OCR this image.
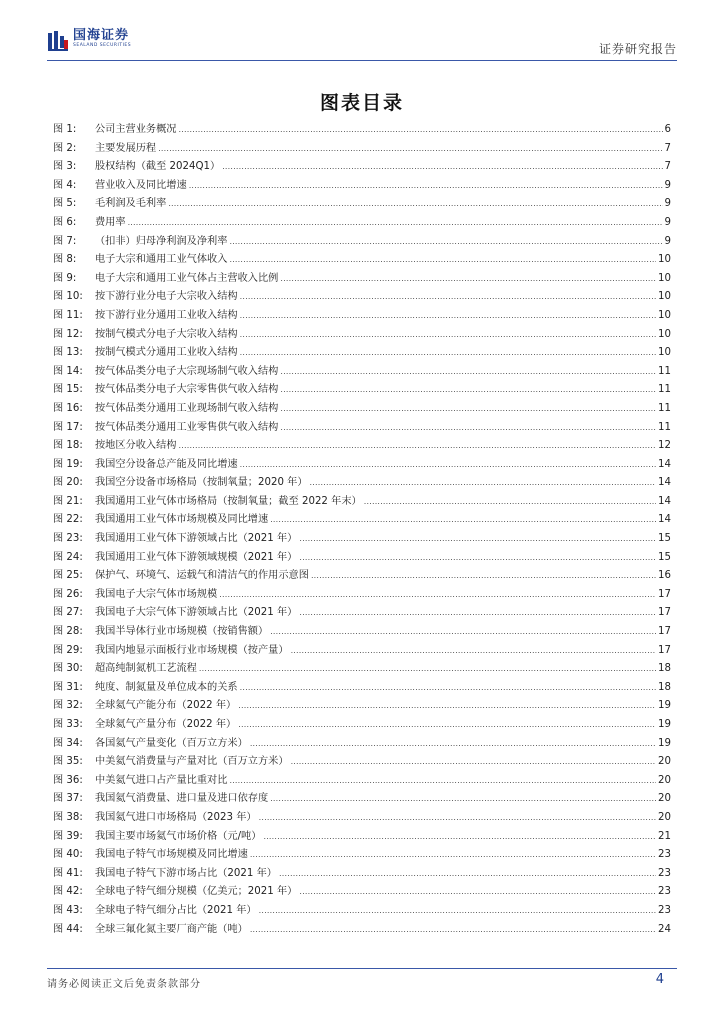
国海证券
SEALAND SECURITIES	证券研究报告
图表目录
图 1:	公司主营业务概况 .....	6
图 2:	主要发展历程 .....	7
图 3:	股权结构（截至 2024Q1） .....	7
图 4:	营业收入及同比增速 .....	9
图 5:	毛利润及毛利率 .....	9
图 6:	费用率 .....	9
图 7:	（扣非）归母净利润及净利率 .....	9
图 8:	电子大宗和通用工业气体收入 .....	10
图 9:	电子大宗和通用工业气体占主营收入比例 .....	10
图 10:	按下游行业分电子大宗收入结构 .....	10
图 11:	按下游行业分通用工业收入结构 .....	10
图 12:	按制气模式分电子大宗收入结构 .....	10
图 13:	按制气模式分通用工业收入结构 .....	10
图 14:	按气体品类分电子大宗现场制气收入结构 .....	11
图 15:	按气体品类分电子大宗零售供气收入结构 .....	11
图 16:	按气体品类分通用工业现场制气收入结构 .....	11
图 17:	按气体品类分通用工业零售供气收入结构 .....	11
图 18:	按地区分收入结构 .....	12
图 19:	我国空分设备总产能及同比增速 .....	14
图 20:	我国空分设备市场格局（按制氧量；2020 年） .....	14
图 21:	我国通用工业气体市场格局（按制氧量；截至 2022 年末） .....	14
图 22:	我国通用工业气体市场规模及同比增速 .....	14
图 23:	我国通用工业气体下游领域占比（2021 年） .....	15
图 24:	我国通用工业气体下游领域规模（2021 年） .....	15
图 25:	保护气、环境气、运载气和清洁气的作用示意图 .....	16
图 26:	我国电子大宗气体市场规模 .....	17
图 27:	我国电子大宗气体下游领域占比（2021 年） .....	17
图 28:	我国半导体行业市场规模（按销售额） .....	17
图 29:	我国内地显示面板行业市场规模（按产量） .....	17
图 30:	超高纯制氮机工艺流程 .....	18
图 31:	纯度、制氮量及单位成本的关系 .....	18
图 32:	全球氦气产能分布（2022 年） .....	19
图 33:	全球氦气产量分布（2022 年） .....	19
图 34:	各国氦气产量变化（百万立方米） .....	19
图 35:	中美氦气消费量与产量对比（百万立方米） .....	20
图 36:	中美氦气进口占产量比重对比 .....	20
图 37:	我国氦气消费量、进口量及进口依存度 .....	20
图 38:	我国氦气进口市场格局（2023 年） .....	20
图 39:	我国主要市场氦气市场价格（元/吨） .....	21
图 40:	我国电子特气市场规模及同比增速 .....	23
图 41:	我国电子特气下游市场占比（2021 年） .....	23
图 42:	全球电子特气细分规模（亿美元；2021 年） .....	23
图 43:	全球电子特气细分占比（2021 年） .....	23
图 44:	全球三氟化氮主要厂商产能（吨） .....	24
请务必阅读正文后免责条款部分	4
